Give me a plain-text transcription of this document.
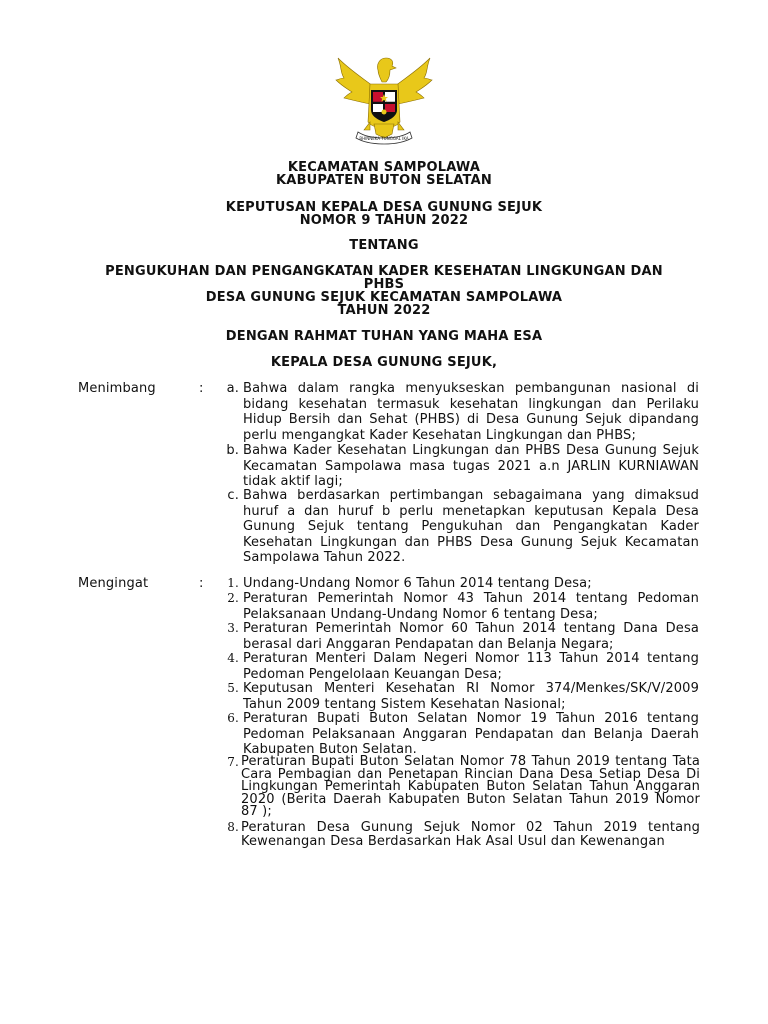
BHINNEKA TUNGGAL IKA
KECAMATAN SAMPOLAWA
KABUPATEN BUTON SELATAN
KEPUTUSAN KEPALA DESA GUNUNG SEJUK
NOMOR 9 TAHUN 2022
TENTANG
PENGUKUHAN DAN PENGANGKATAN KADER KESEHATAN LINGKUNGAN DAN
PHBS
DESA GUNUNG SEJUK KECAMATAN SAMPOLAWA
TAHUN 2022
DENGAN RAHMAT TUHAN YANG MAHA ESA
KEPALA DESA GUNUNG SEJUK,
Menimbang	:	a. Bahwa dalam rangka menyukseskan pembangunan nasional di bidang kesehatan termasuk kesehatan lingkungan dan Perilaku Hidup Bersih dan Sehat (PHBS) di Desa Gunung Sejuk dipandang perlu mengangkat Kader Kesehatan Lingkungan dan PHBS;
b. Bahwa Kader Kesehatan Lingkungan dan PHBS Desa Gunung Sejuk Kecamatan Sampolawa masa tugas 2021 a.n JARLIN KURNIAWAN tidak aktif lagi;
c. Bahwa berdasarkan pertimbangan sebagaimana yang dimaksud huruf a dan huruf b perlu menetapkan keputusan Kepala Desa Gunung Sejuk tentang Pengukuhan dan Pengangkatan Kader Kesehatan Lingkungan dan PHBS Desa Gunung Sejuk Kecamatan Sampolawa Tahun 2022.
Mengingat	:	1. Undang-Undang Nomor 6 Tahun 2014 tentang Desa;
2. Peraturan Pemerintah Nomor 43 Tahun 2014 tentang Pedoman Pelaksanaan Undang-Undang Nomor 6 tentang Desa;
3. Peraturan Pemerintah Nomor 60 Tahun 2014 tentang Dana Desa berasal dari Anggaran Pendapatan dan Belanja Negara;
4. Peraturan Menteri Dalam Negeri Nomor 113 Tahun 2014 tentang Pedoman Pengelolaan Keuangan Desa;
5. Keputusan Menteri Kesehatan RI Nomor 374/Menkes/SK/V/2009 Tahun 2009 tentang Sistem Kesehatan Nasional;
6. Peraturan Bupati Buton Selatan Nomor 19 Tahun 2016 tentang Pedoman Pelaksanaan Anggaran Pendapatan dan Belanja Daerah Kabupaten Buton Selatan.
7. Peraturan Bupati Buton Selatan Nomor 78 Tahun 2019 tentang Tata Cara Pembagian dan Penetapan Rincian Dana Desa Setiap Desa Di Lingkungan Pemerintah Kabupaten Buton Selatan Tahun Anggaran 2020 (Berita Daerah Kabupaten Buton Selatan Tahun 2019 Nomor 87 );
8. Peraturan Desa Gunung Sejuk Nomor 02 Tahun 2019 tentang Kewenangan Desa Berdasarkan Hak Asal Usul dan Kewenangan
